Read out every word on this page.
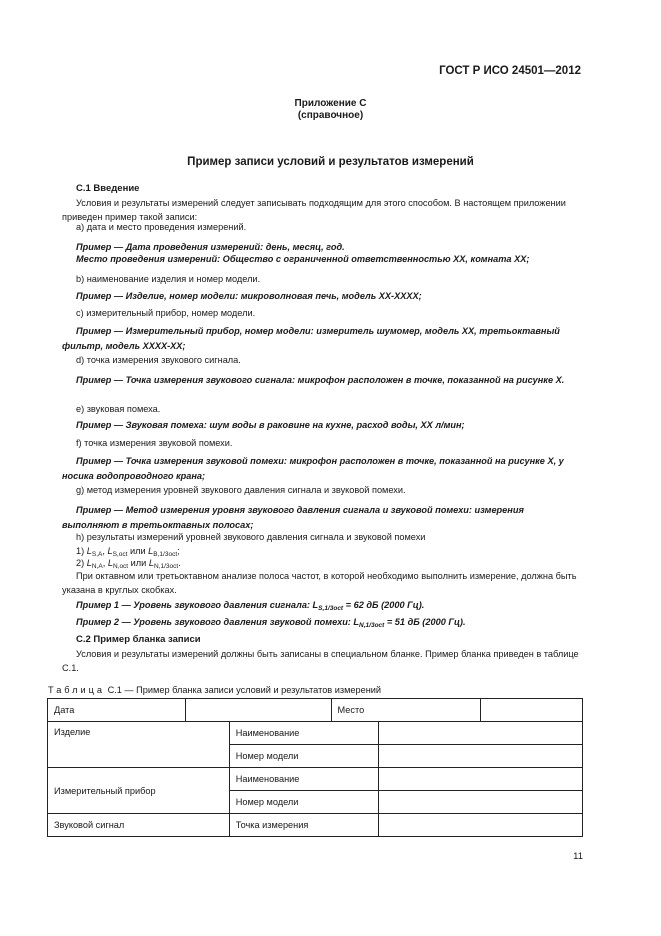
ГОСТ Р ИСО 24501—2012
Приложение С
(справочное)
Пример записи условий и результатов измерений
С.1 Введение
Условия и результаты измерений следует записывать подходящим для этого способом. В настоящем приложении приведен пример такой записи:
a) дата и место проведения измерений.
Пример — Дата проведения измерений: день, месяц, год.
Место проведения измерений: Общество с ограниченной ответственностью XX, комната XX;
b) наименование изделия и номер модели.
Пример — Изделие, номер модели: микроволновая печь, модель XX-XXXX;
c) измерительный прибор, номер модели.
Пример — Измерительный прибор, номер модели: измеритель шумомер, модель XX, третьоктавный фильтр, модель XXXX-XX;
d) точка измерения звукового сигнала.
Пример — Точка измерения звукового сигнала: микрофон расположен в точке, показанной на рисунке X.
e) звуковая помеха.
Пример — Звуковая помеха: шум воды в раковине на кухне, расход воды, XX л/мин;
f) точка измерения звуковой помехи.
Пример — Точка измерения звуковой помехи: микрофон расположен в точке, показанной на рисунке X, у носика водопроводного крана;
g) метод измерения уровней звукового давления сигнала и звуковой помехи.
Пример — Метод измерения уровня звукового давления сигнала и звуковой помехи: измерения выполняют в третьоктавных полосах;
h) результаты измерений уровней звукового давления сигнала и звуковой помехи
1) $L_{S,A}$, $L_{S,oct}$ или $L_{B,1/3oct}$;
2) $L_{N,A}$, $L_{N,oct}$ или $L_{N,1/3oct}$.
При октавном или третьоктавном анализе полоса частот, в которой необходимо выполнить измерение, должна быть указана в круглых скобках.
Пример 1 — Уровень звукового давления сигнала: $L_{S,1/3oct} = 62$ дБ (2000 Гц).
Пример 2 — Уровень звукового давления звуковой помехи: $L_{N,1/3oct} = 51$ дБ (2000 Гц).
С.2 Пример бланка записи
Условия и результаты измерений должны быть записаны в специальном бланке. Пример бланка приведен в таблице С.1.
Таблица С.1 — Пример бланка записи условий и результатов измерений
Дата			Место		
Изделие		Наименование			
		Номер модели			
Измерительный прибор		Наименование			
		Номер модели			
Звуковой сигнал		Точка измерения			
11
